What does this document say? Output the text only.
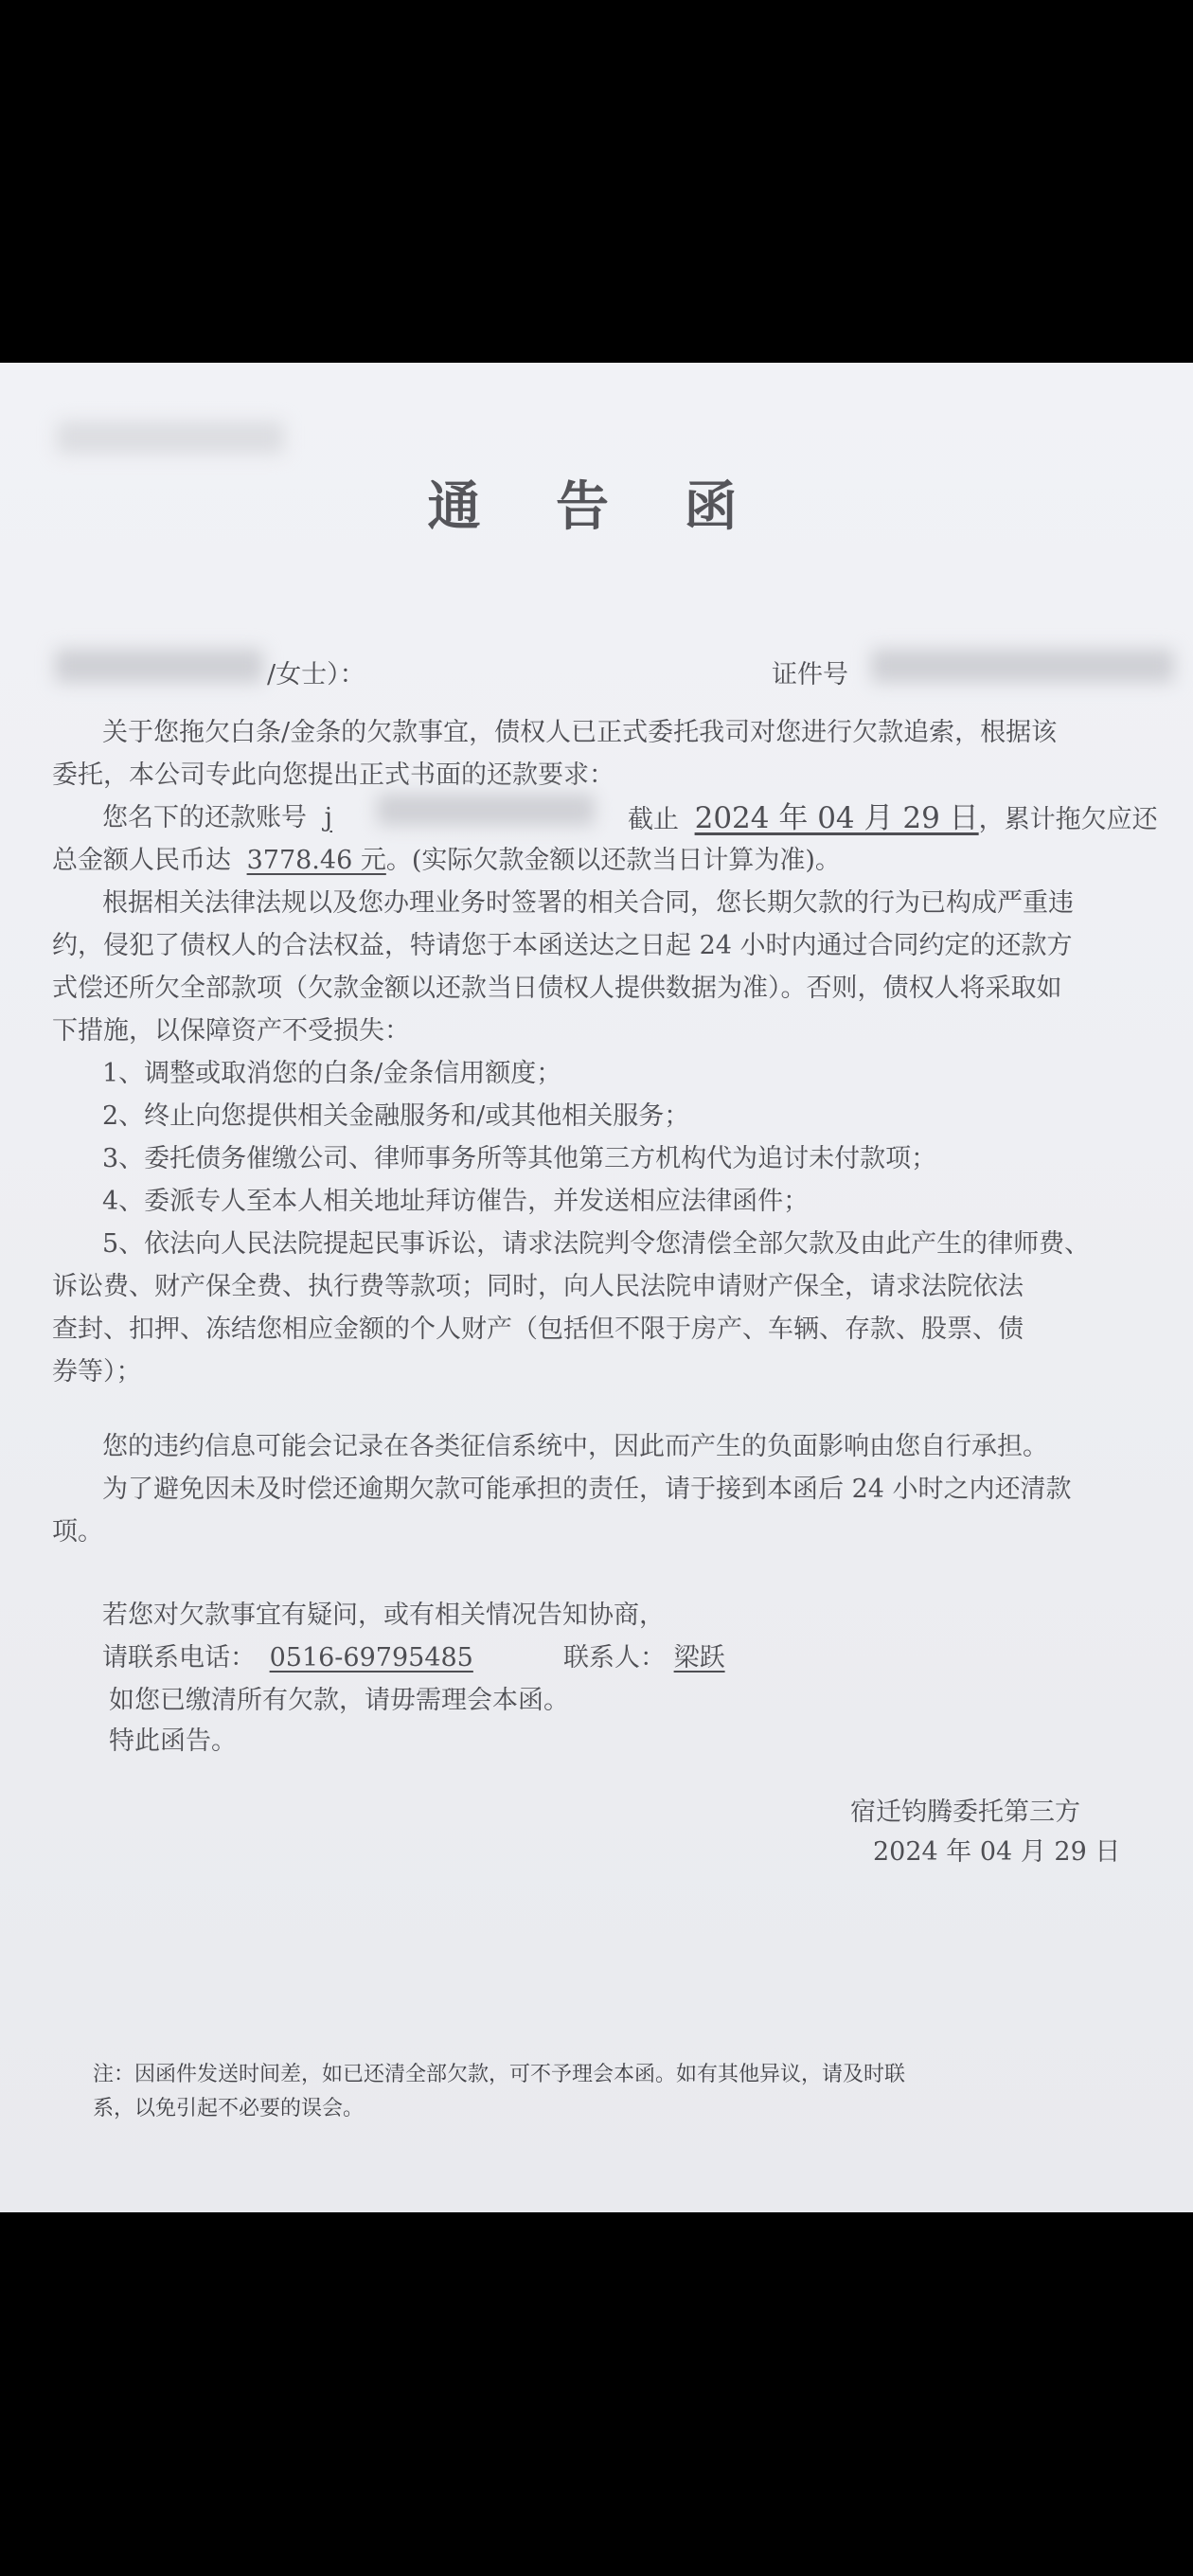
通 告 函
/女士）：	证件号
关于您拖欠白条/金条的欠款事宜，债权人已正式委托我司对您进行欠款追索，根据该
委托，本公司专此向您提出正式书面的还款要求：
您名下的还款账号 j	截止 2024 年 04 月 29 日，累计拖欠应还
总金额人民币达 3778.46 元。(实际欠款金额以还款当日计算为准)。
根据相关法律法规以及您办理业务时签署的相关合同，您长期欠款的行为已构成严重违
约，侵犯了债权人的合法权益，特请您于本函送达之日起 24 小时内通过合同约定的还款方
式偿还所欠全部款项（欠款金额以还款当日债权人提供数据为准）。否则，债权人将采取如
下措施，以保障资产不受损失：
1、调整或取消您的白条/金条信用额度；
2、终止向您提供相关金融服务和/或其他相关服务；
3、委托债务催缴公司、律师事务所等其他第三方机构代为追讨未付款项；
4、委派专人至本人相关地址拜访催告，并发送相应法律函件；
5、依法向人民法院提起民事诉讼，请求法院判令您清偿全部欠款及由此产生的律师费、
诉讼费、财产保全费、执行费等款项；同时，向人民法院申请财产保全，请求法院依法
查封、扣押、冻结您相应金额的个人财产（包括但不限于房产、车辆、存款、股票、债
券等）；
您的违约信息可能会记录在各类征信系统中，因此而产生的负面影响由您自行承担。
为了避免因未及时偿还逾期欠款可能承担的责任，请于接到本函后 24 小时之内还清款
项。
若您对欠款事宜有疑问，或有相关情况告知协商，
请联系电话： 0516-69795485	联系人： 梁跃
如您已缴清所有欠款，请毋需理会本函。
特此函告。
宿迁钧腾委托第三方
2024 年 04 月 29 日
注：因函件发送时间差，如已还清全部欠款，可不予理会本函。如有其他异议，请及时联
系，以免引起不必要的误会。
